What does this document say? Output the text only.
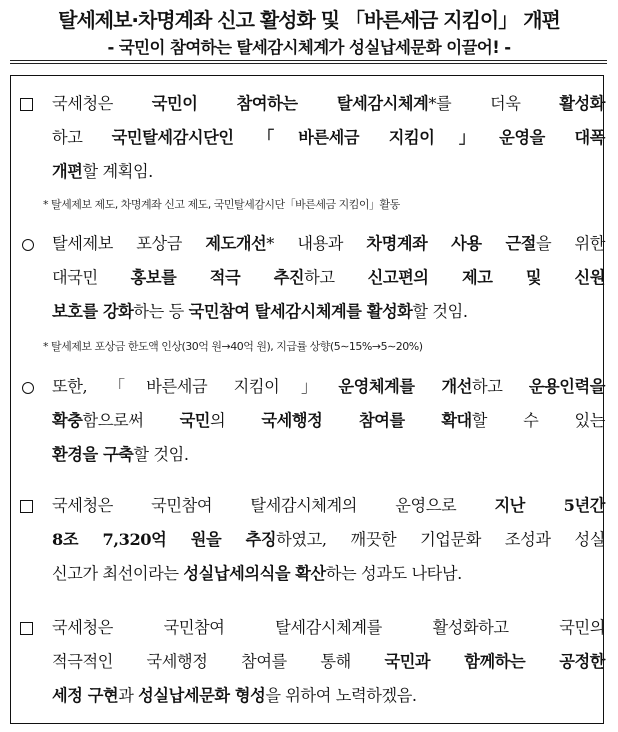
탈세제보·차명계좌 신고 활성화 및 「바른세금 지킴이」 개편
- 국민이 참여하는 탈세감시체계가 성실납세문화 이끌어! -
국세청은 국민이 참여하는 탈세감시체계*를 더욱 활성화
하고 국민탈세감시단인「바른세금 지킴이」운영을 대폭
개편할 계획임.
* 탈세제보 제도, 차명계좌 신고 제도, 국민탈세감시단「바른세금 지킴이」활동
탈세제보 포상금 제도개선* 내용과 차명계좌 사용 근절을 위한
대국민 홍보를 적극 추진하고 신고편의 제고 및 신원
보호를 강화하는 등 국민참여 탈세감시체계를 활성화할 것임.
* 탈세제보 포상금 한도액 인상(30억 원→40억 원), 지급률 상향(5∼15%→5∼20%)
또한,「바른세금 지킴이」운영체계를 개선하고 운용인력을
확충함으로써 국민의 국세행정 참여를 확대할 수 있는
환경을 구축할 것임.
국세청은 국민참여 탈세감시체계의 운영으로 지난 5년간
8조 7,320억 원을 추징하였고, 깨끗한 기업문화 조성과 성실
신고가 최선이라는 성실납세의식을 확산하는 성과도 나타남.
국세청은 국민참여 탈세감시체계를 활성화하고 국민의
적극적인 국세행정 참여를 통해 국민과 함께하는 공정한
세정 구현과 성실납세문화 형성을 위하여 노력하겠음.
